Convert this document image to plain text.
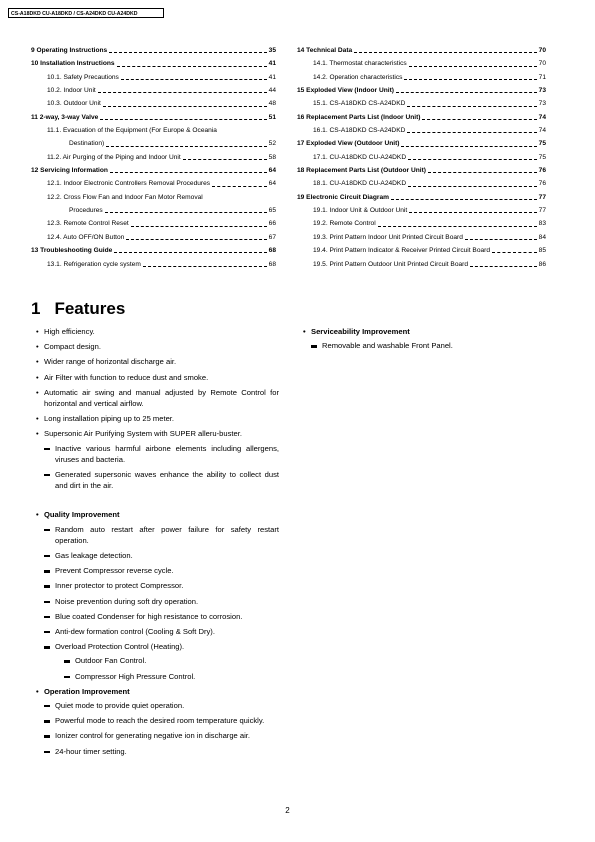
CS-A18DKD CU-A18DKD / CS-A24DKD CU-A24DKD
9 Operating Instructions	35
10 Installation Instructions	41
10.1. Safety Precautions	41
10.2. Indoor Unit	44
10.3. Outdoor Unit	48
11 2-way, 3-way Valve	51
11.1. Evacuation of the Equipment (For Europe & Oceania
Destination)	52
11.2. Air Purging of the Piping and Indoor Unit	58
12 Servicing Information	64
12.1. Indoor Electronic Controllers Removal Procedures	64
12.2. Cross Flow Fan and Indoor Fan Motor Removal
Procedures	65
12.3. Remote Control Reset	66
12.4. Auto OFF/ON Button	67
13 Troubleshooting Guide	68
13.1. Refrigeration cycle system	68
14 Technical Data	70
14.1. Thermostat characteristics	70
14.2. Operation characteristics	71
15 Exploded View (Indoor Unit)	73
15.1. CS-A18DKD CS-A24DKD	73
16 Replacement Parts List (Indoor Unit)	74
16.1. CS-A18DKD CS-A24DKD	74
17 Exploded View (Outdoor Unit)	75
17.1. CU-A18DKD CU-A24DKD	75
18 Replacement Parts List (Outdoor Unit)	76
18.1. CU-A18DKD CU-A24DKD	76
19 Electronic Circuit Diagram	77
19.1. Indoor Unit & Outdoor Unit	77
19.2. Remote Control	83
19.3. Print Pattern Indoor Unit Printed Circuit Board	84
19.4. Print Pattern Indicator & Receiver Printed Circuit Board	85
19.5. Print Pattern Outdoor Unit Printed Circuit Board	86
1 Features
• High efficiency.
• Compact design.
• Wider range of horizontal discharge air.
• Air Filter with function to reduce dust and smoke.
• Automatic air swing and manual adjusted by Remote Control for horizontal and vertical airflow.
• Long installation piping up to 25 meter.
• Supersonic Air Purifying System with SUPER alleru-buster.
Inactive various harmful airbone elements including allergens, viruses and bacteria.
Generated supersonic waves enhance the ability to collect dust and dirt in the air.
• Quality Improvement
Random auto restart after power failure for safety restart operation.
Gas leakage detection.
Prevent Compressor reverse cycle.
Inner protector to protect Compressor.
Noise prevention during soft dry operation.
Blue coated Condenser for high resistance to corrosion.
Anti-dew formation control (Cooling & Soft Dry).
Overload Protection Control (Heating).
Outdoor Fan Control.
Compressor High Pressure Control.
• Operation Improvement
Quiet mode to provide quiet operation.
Powerful mode to reach the desired room temperature quickly.
Ionizer control for generating negative ion in discharge air.
24-hour timer setting.
• Serviceability Improvement
Removable and washable Front Panel.
2
